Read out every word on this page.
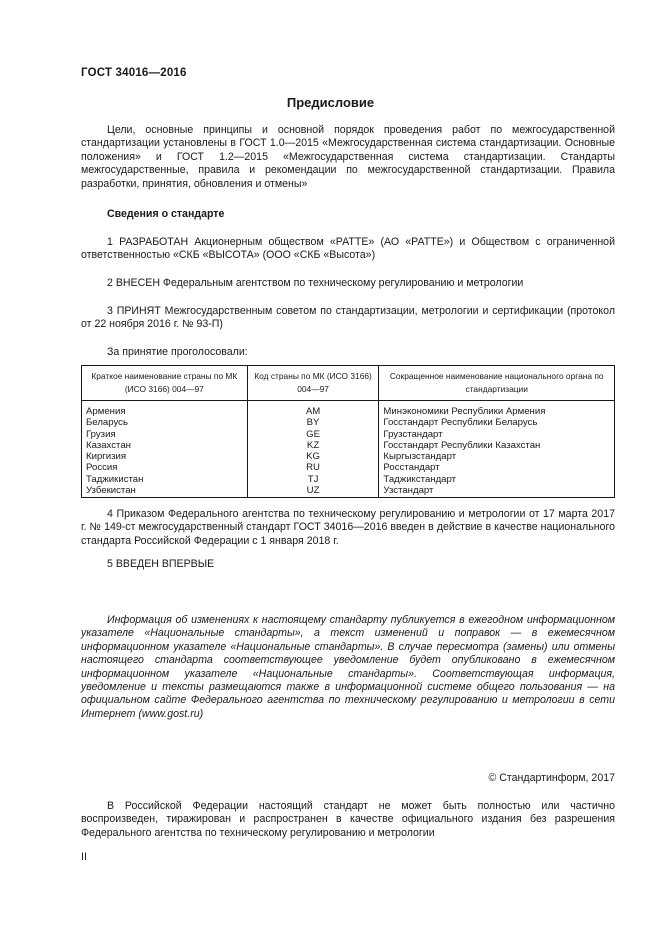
ГОСТ 34016—2016
Предисловие
Цели, основные принципы и основной порядок проведения работ по межгосударственной стандартизации установлены в ГОСТ 1.0—2015 «Межгосударственная система стандартизации. Основные положения» и ГОСТ 1.2—2015 «Межгосударственная система стандартизации. Стандарты межгосударственные, правила и рекомендации по межгосударственной стандартизации. Правила разработки, принятия, обновления и отмены»
Сведения о стандарте
1 РАЗРАБОТАН Акционерным обществом «РАТТЕ» (АО «РАТТЕ») и Обществом с ограниченной ответственностью «СКБ «ВЫСОТА» (ООО «СКБ «Высота»)
2 ВНЕСЕН Федеральным агентством по техническому регулированию и метрологии
3 ПРИНЯТ Межгосударственным советом по стандартизации, метрологии и сертификации (протокол от 22 ноября 2016 г. № 93-П)
За принятие проголосовали:
Краткое наименование страны по МК (ИСО 3166) 004—97	Код страны по МК (ИСО 3166) 004—97	Сокращенное наименование национального органа по стандартизации
Армения	AM	Минэкономики Республики Армения
Беларусь	BY	Госстандарт Республики Беларусь
Грузия	GE	Грузстандарт
Казахстан	KZ	Госстандарт Республики Казахстан
Киргизия	KG	Кыргызстандарт
Россия	RU	Росстандарт
Таджикистан	TJ	Таджикстандарт
Узбекистан	UZ	Узстандарт
4 Приказом Федерального агентства по техническому регулированию и метрологии от 17 марта 2017 г. № 149-ст межгосударственный стандарт ГОСТ 34016—2016 введен в действие в качестве национального стандарта Российской Федерации с 1 января 2018 г.
5 ВВЕДЕН ВПЕРВЫЕ
Информация об изменениях к настоящему стандарту публикуется в ежегодном информационном указателе «Национальные стандарты», а текст изменений и поправок — в ежемесячном информационном указателе «Национальные стандарты». В случае пересмотра (замены) или отмены настоящего стандарта соответствующее уведомление будет опубликовано в ежемесячном информационном указателе «Национальные стандарты». Соответствующая информация, уведомление и тексты размещаются также в информационной системе общего пользования — на официальном сайте Федерального агентства по техническому регулированию и метрологии в сети Интернет (www.gost.ru)
© Стандартинформ, 2017
В Российской Федерации настоящий стандарт не может быть полностью или частично воспроизведен, тиражирован и распространен в качестве официального издания без разрешения Федерального агентства по техническому регулированию и метрологии
II
